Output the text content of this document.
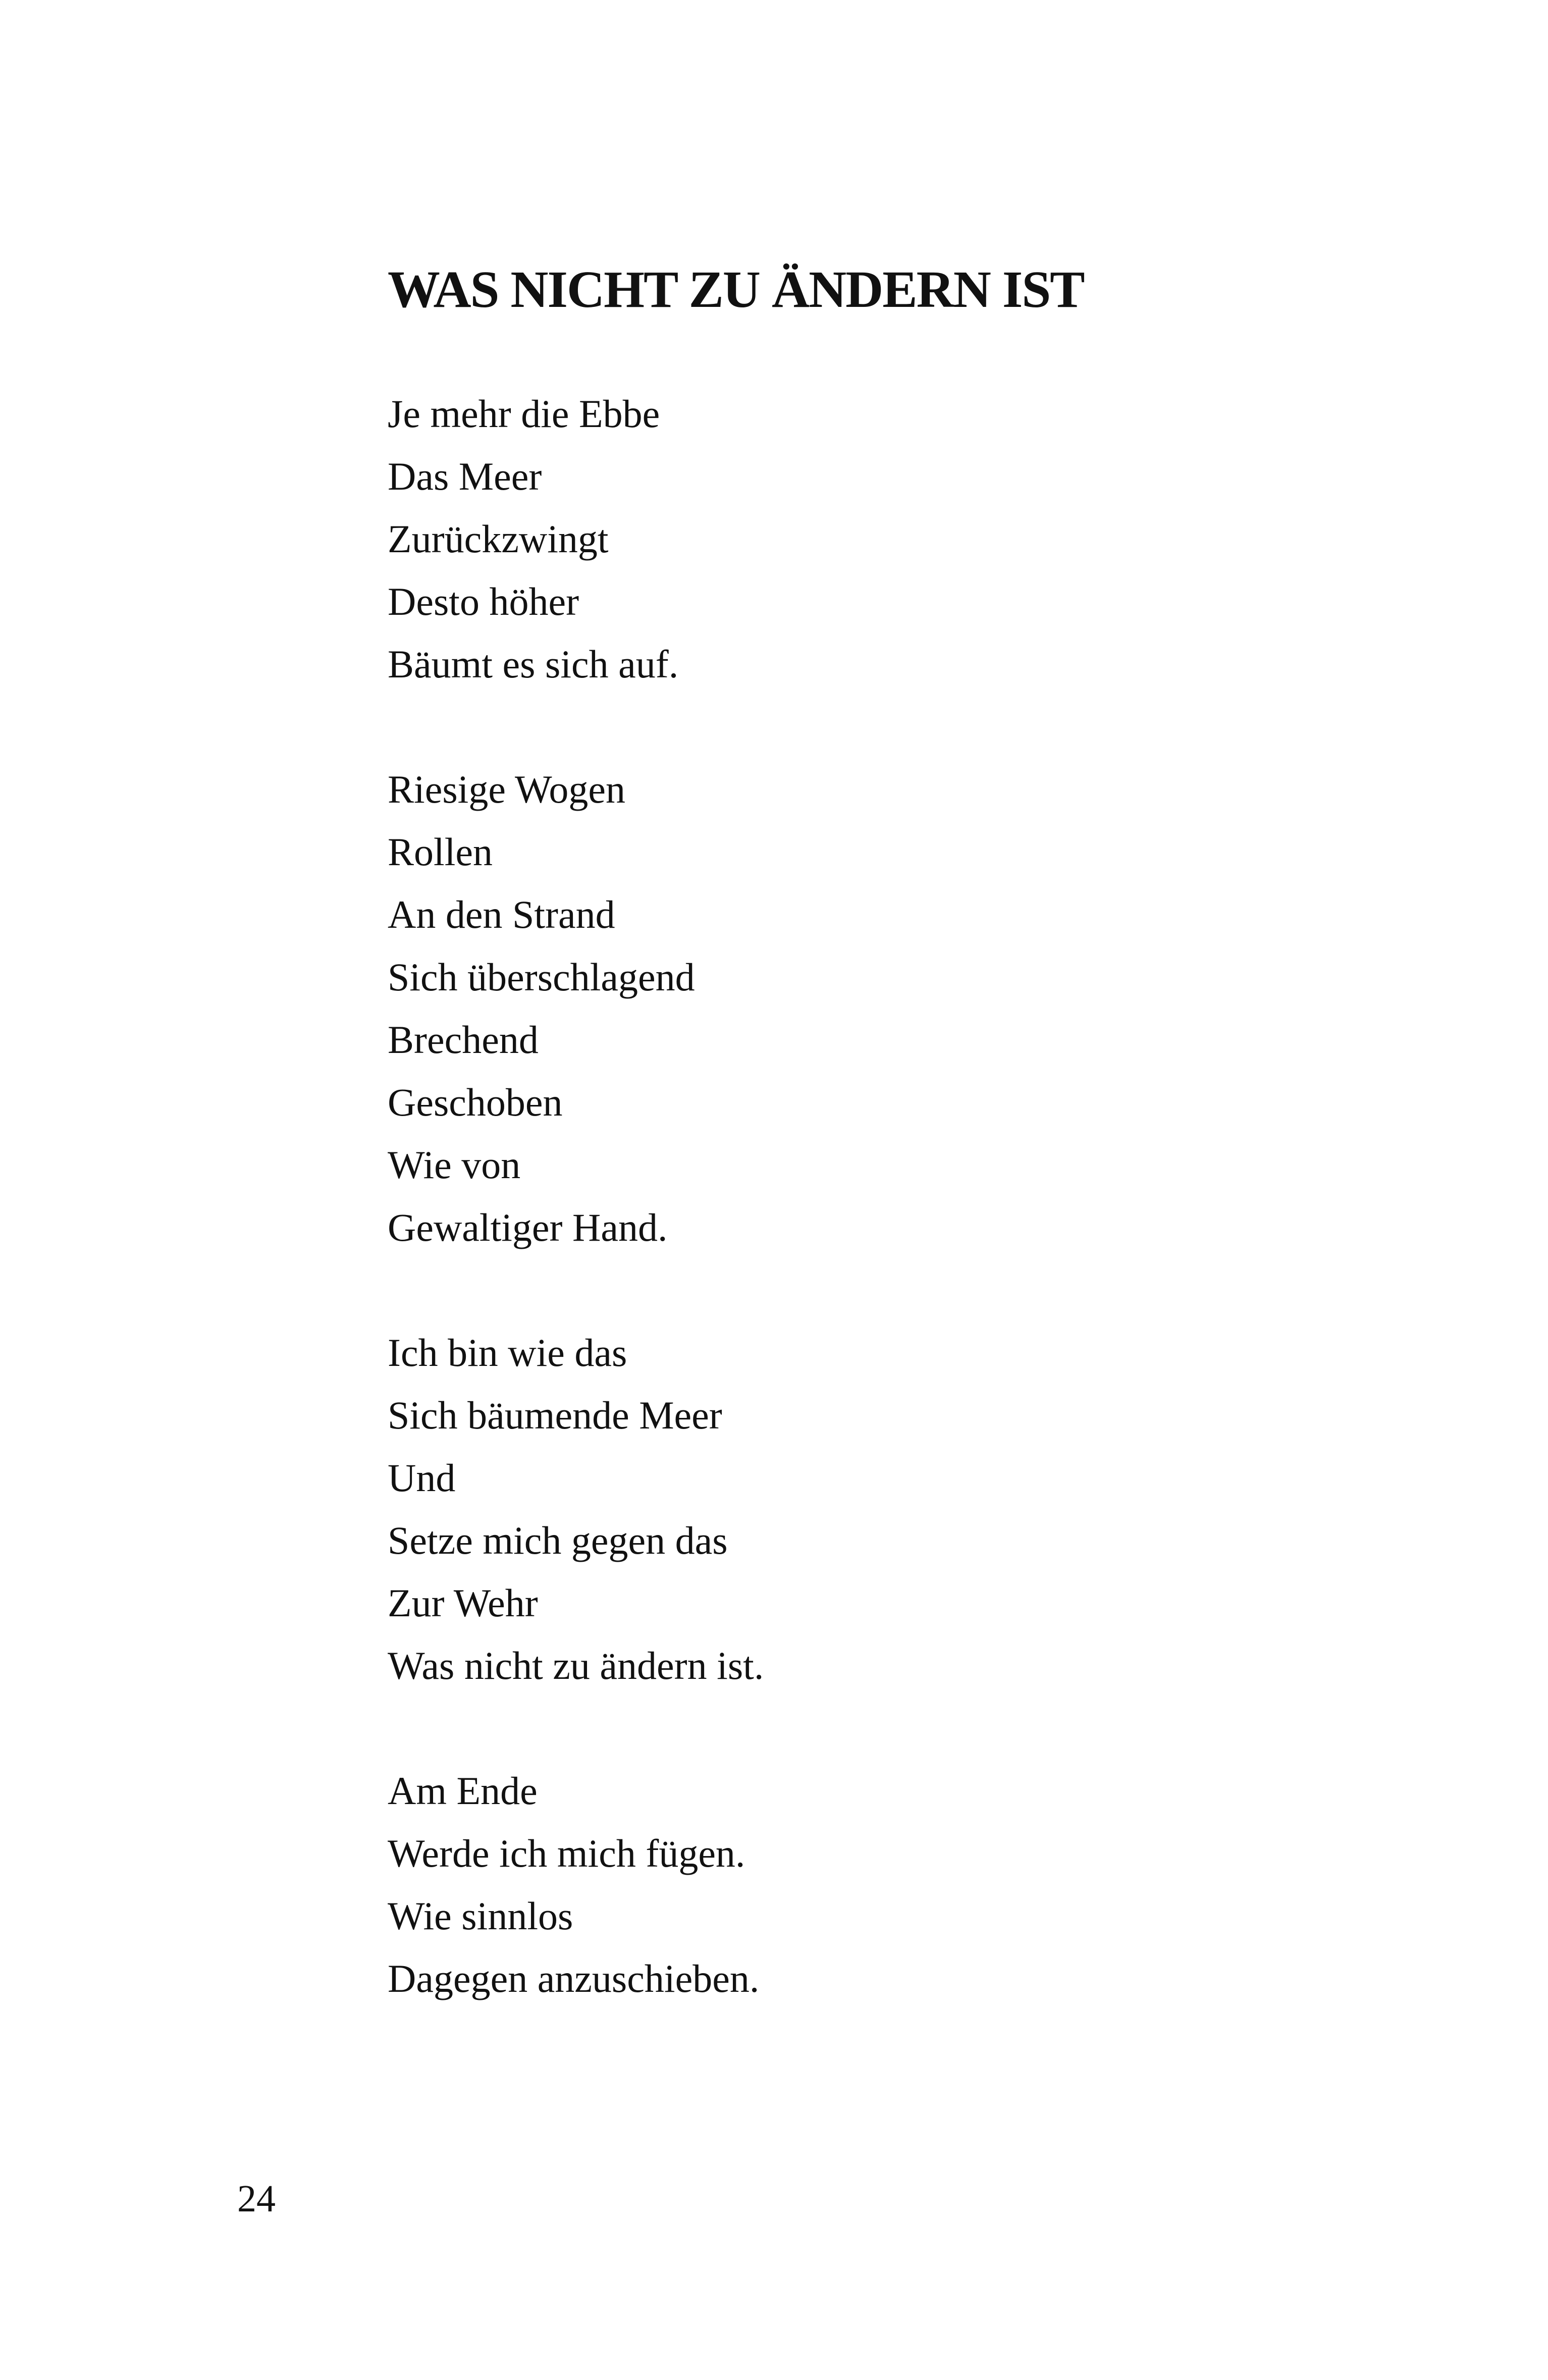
WAS NICHT ZU ÄNDERN IST

Je mehr die Ebbe
Das Meer
Zurückzwingt
Desto höher
Bäumt es sich auf.

Riesige Wogen
Rollen
An den Strand
Sich überschlagend
Brechend
Geschoben
Wie von
Gewaltiger Hand.

Ich bin wie das
Sich bäumende Meer
Und
Setze mich gegen das
Zur Wehr
Was nicht zu ändern ist.

Am Ende
Werde ich mich fügen.
Wie sinnlos
Dagegen anzuschieben.

24
